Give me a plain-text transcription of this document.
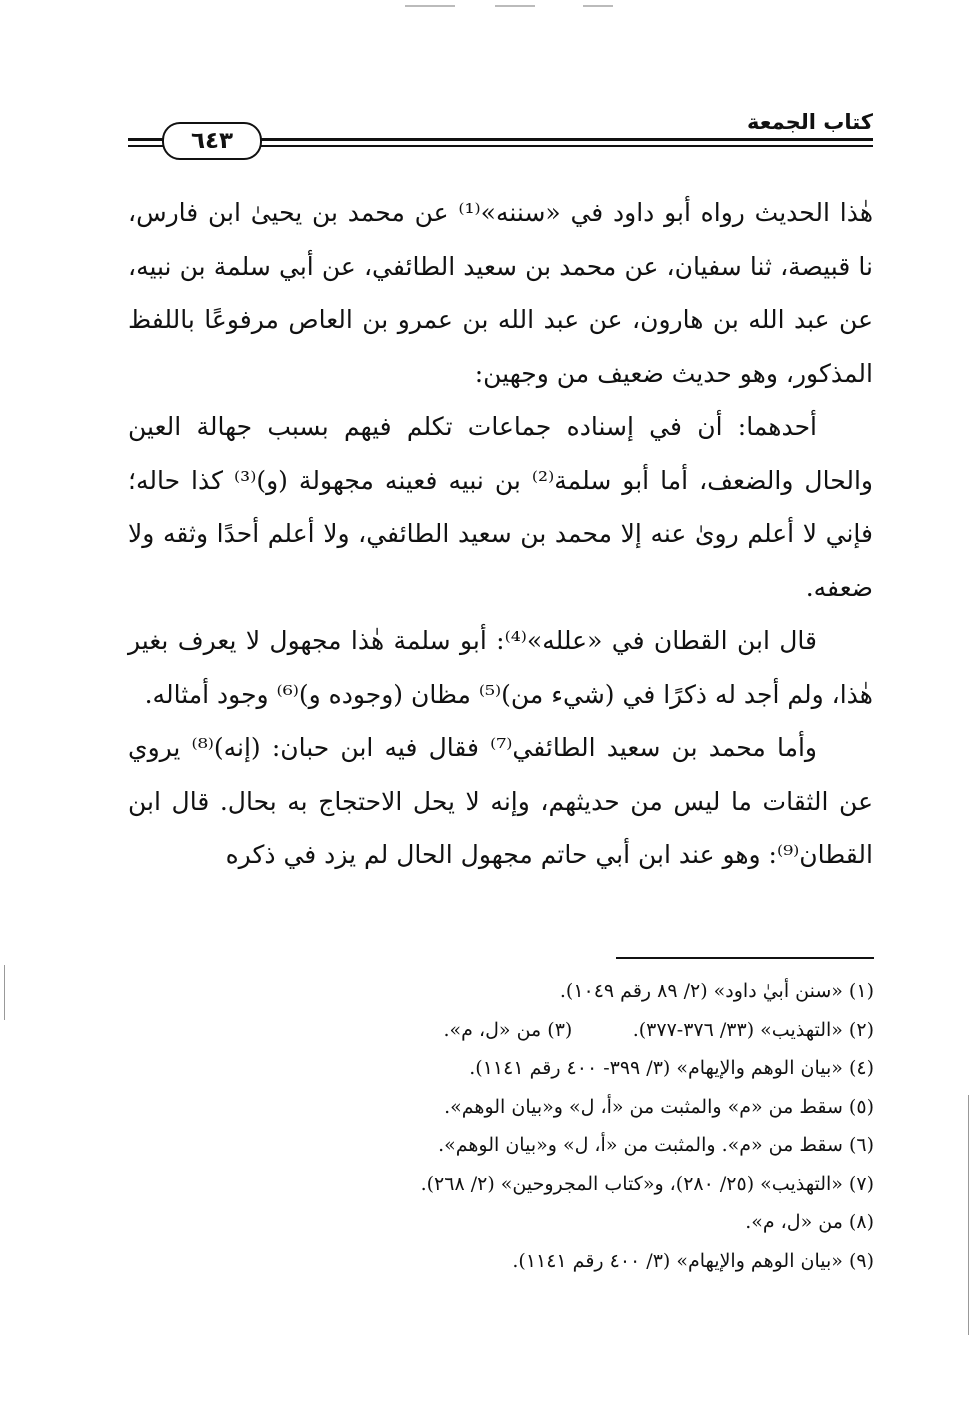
كتاب الجمعة
٦٤٣

هٰذا الحديث رواه أبو داود في «سننه»⁽¹⁾ عن محمد بن يحيىٰ ابن فارس، نا قبيصة، ثنا سفيان، عن محمد بن سعيد الطائفي، عن أبي سلمة بن نبيه، عن عبد الله بن هارون، عن عبد الله بن عمرو بن العاص مرفوعًا باللفظ المذكور، وهو حديث ضعيف من وجهين:

أحدهما: أن في إسناده جماعات تكلم فيهم بسبب جهالة العين والحال والضعف، أما أبو سلمة⁽²⁾ بن نبيه فعينه مجهولة (و)⁽³⁾ كذا حاله؛ فإني لا أعلم روىٰ عنه إلا محمد بن سعيد الطائفي، ولا أعلم أحدًا وثقه ولا ضعفه.

قال ابن القطان في «علله»⁽⁴⁾: أبو سلمة هٰذا مجهول لا يعرف بغير هٰذا، ولم أجد له ذكرًا في (شيء من)⁽⁵⁾ مظان (وجوده و)⁽⁶⁾ وجود أمثاله.

وأما محمد بن سعيد الطائفي⁽⁷⁾ فقال فيه ابن حبان: (إنه)⁽⁸⁾ يروي عن الثقات ما ليس من حديثهم، وإنه لا يحل الاحتجاج به بحال. قال ابن القطان⁽⁹⁾: وهو عند ابن أبي حاتم مجهول الحال لم يزد في ذكره

(١) «سنن أبيٰ داود» (٢/ ٨٩ رقم ١٠٤٩).
(٢) «التهذيب» (٣٣/ ٣٧٦-٣٧٧).          (٣) من «ل، م».
(٤) «بيان الوهم والإيهام» (٣/ ٣٩٩- ٤٠٠ رقم ١١٤١).
(٥) سقط من «م» والمثبت من «أ، ل» و«بيان الوهم».
(٦) سقط من «م». والمثبت من «أ، ل» و«بيان الوهم».
(٧) «التهذيب» (٢٥/ ٢٨٠)، و«كتاب المجروحين» (٢/ ٢٦٨).
(٨) من «ل، م».
(٩) «بيان الوهم والإيهام» (٣/ ٤٠٠ رقم ١١٤١).
